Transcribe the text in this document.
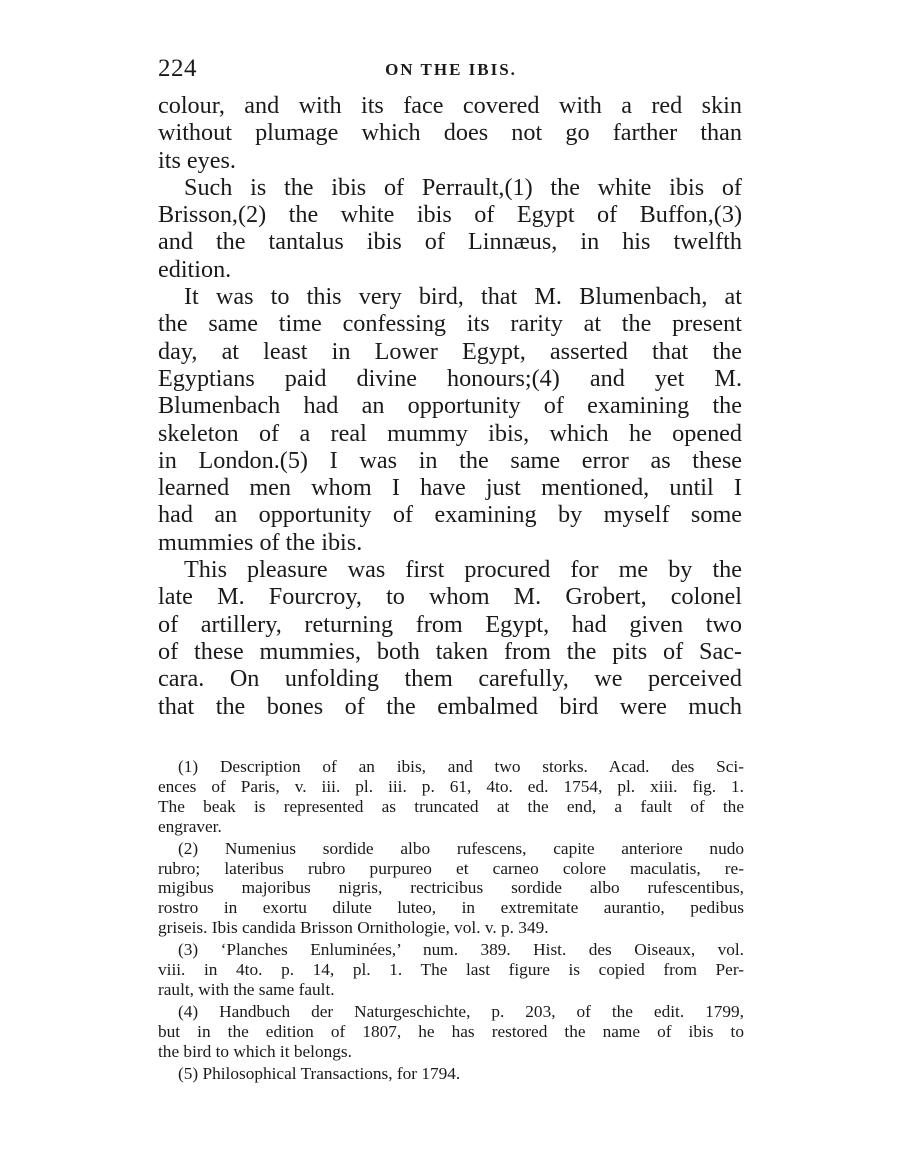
224	ON THE IBIS.
colour, and with its face covered with a red skin
without plumage which does not go farther than
its eyes.
Such is the ibis of Perrault,(1) the white ibis of
Brisson,(2) the white ibis of Egypt of Buffon,(3)
and the tantalus ibis of Linnæus, in his twelfth
edition.
It was to this very bird, that M. Blumenbach, at
the same time confessing its rarity at the present
day, at least in Lower Egypt, asserted that the
Egyptians paid divine honours;(4) and yet M.
Blumenbach had an opportunity of examining the
skeleton of a real mummy ibis, which he opened
in London.(5) I was in the same error as these
learned men whom I have just mentioned, until I
had an opportunity of examining by myself some
mummies of the ibis.
This pleasure was first procured for me by the
late M. Fourcroy, to whom M. Grobert, colonel
of artillery, returning from Egypt, had given two
of these mummies, both taken from the pits of Sac-
cara. On unfolding them carefully, we perceived
that the bones of the embalmed bird were much
(1) Description of an ibis, and two storks. Acad. des Sci-
ences of Paris, v. iii. pl. iii. p. 61, 4to. ed. 1754, pl. xiii. fig. 1.
The beak is represented as truncated at the end, a fault of the
engraver.
(2) Numenius sordide albo rufescens, capite anteriore nudo
rubro; lateribus rubro purpureo et carneo colore maculatis, re-
migibus majoribus nigris, rectricibus sordide albo rufescentibus,
rostro in exortu dilute luteo, in extremitate aurantio, pedibus
griseis. Ibis candida Brisson Ornithologie, vol. v. p. 349.
(3) ‘Planches Enluminées,’ num. 389. Hist. des Oiseaux, vol.
viii. in 4to. p. 14, pl. 1. The last figure is copied from Per-
rault, with the same fault.
(4) Handbuch der Naturgeschichte, p. 203, of the edit. 1799,
but in the edition of 1807, he has restored the name of ibis to
the bird to which it belongs.
(5) Philosophical Transactions, for 1794.
